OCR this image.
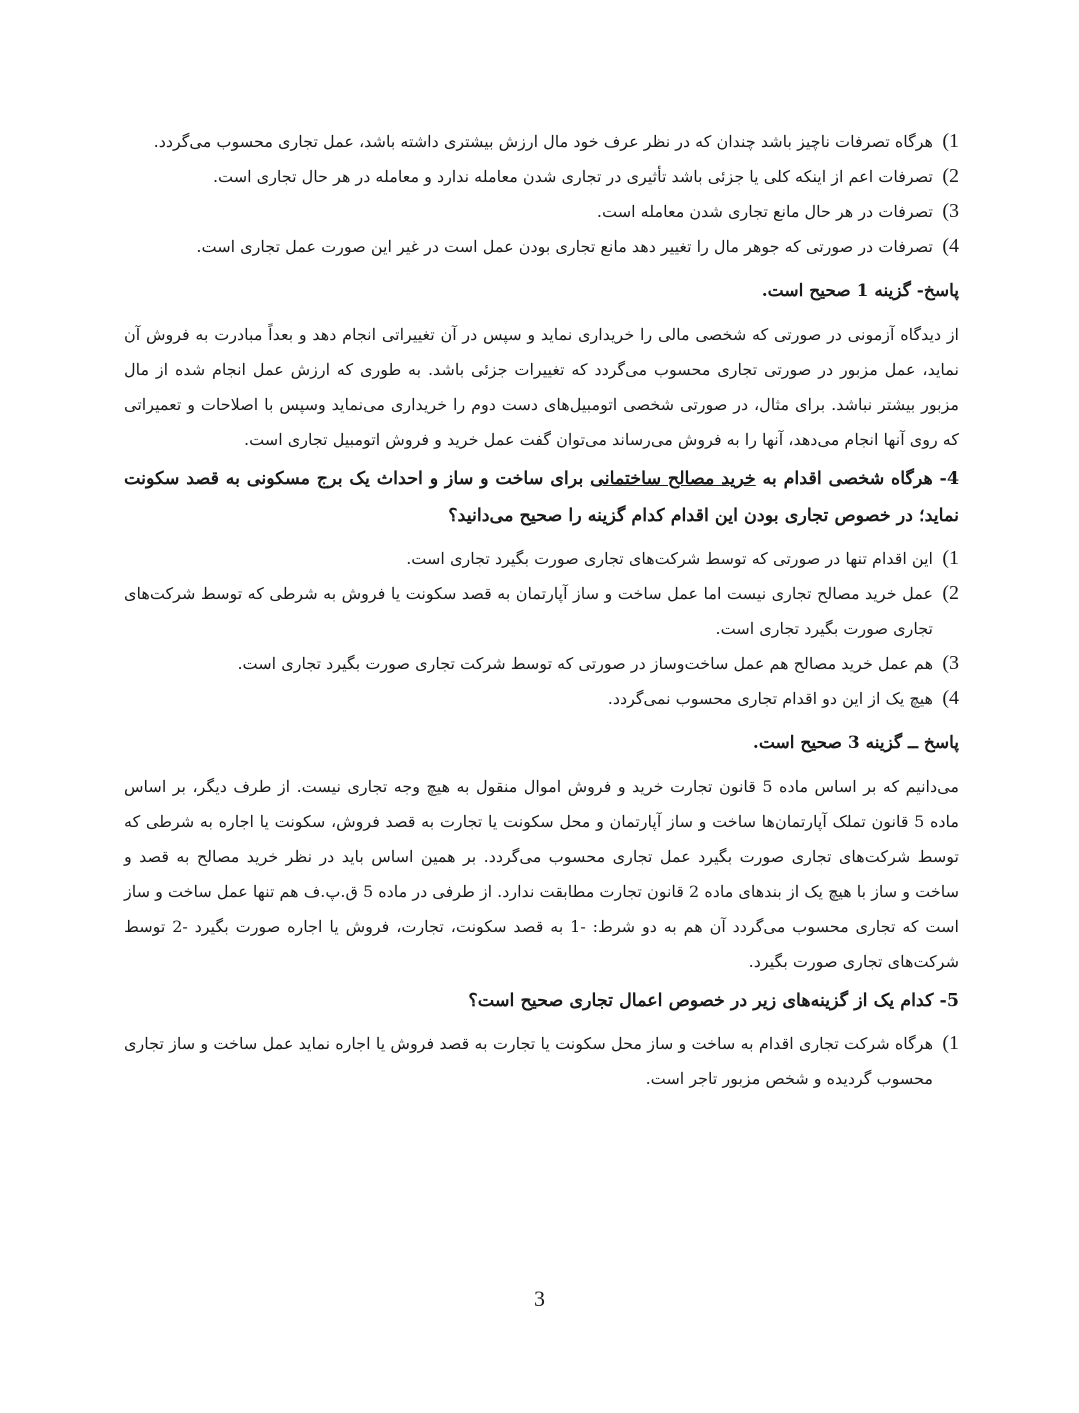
1)
هرگاه تصرفات ناچیز باشد چندان که در نظر عرف خود مال ارزش بیشتری داشته باشد، عمل تجاری محسوب می‌گردد.
2)
تصرفات اعم از اینکه کلی یا جزئی باشد تأثیری در تجاری شدن معامله ندارد و معامله در هر حال تجاری است.
3)
تصرفات در هر حال مانع تجاری شدن معامله است.
4)
تصرفات در صورتی که جوهر مال را تغییر دهد مانع تجاری بودن عمل است در غیر این صورت عمل تجاری است.
پاسخ- گزینه 1 صحیح است.

از دیدگاه آزمونی در صورتی که شخصی مالی را خریداری نماید و سپس در آن تغییراتی انجام دهد و بعداً مبادرت به فروش آن نماید، عمل مزبور در صورتی تجاری محسوب می‌گردد که تغییرات جزئی باشد. به طوری که ارزش عمل انجام شده از مال مزبور بیشتر نباشد. برای مثال، در صورتی شخصی اتومبیل‌های دست دوم را خریداری می‌نماید وسپس با اصلاحات و تعمیراتی که روی آنها انجام می‌دهد، آنها را به فروش می‌رساند می‌توان گفت عمل خرید و فروش اتومبیل تجاری است.

4- هرگاه شخصی اقدام به خرید مصالح ساختمانی برای ساخت و ساز و احداث یک برج مسکونی به قصد سکونت نماید؛ در خصوص تجاری بودن این اقدام کدام گزینه را صحیح می‌دانید؟
1)
این اقدام تنها در صورتی که توسط شرکت‌های تجاری صورت بگیرد تجاری است.
2)
عمل خرید مصالح تجاری نیست اما عمل ساخت و ساز آپارتمان به قصد سکونت یا فروش به شرطی که توسط شرکت‌های تجاری صورت بگیرد تجاری است.
3)
هم عمل خرید مصالح هم عمل ساخت‌وساز در صورتی که توسط شرکت تجاری صورت بگیرد تجاری است.
4)
هیچ یک از این دو اقدام تجاری محسوب نمی‌گردد.
پاسخ ــ گزینه 3 صحیح است.

می‌دانیم که بر اساس ماده 5 قانون تجارت خرید و فروش اموال منقول به هیچ وجه تجاری نیست. از طرف دیگر، بر اساس ماده 5 قانون تملک آپارتمان‌ها ساخت و ساز آپارتمان و محل سکونت یا تجارت به قصد فروش، سکونت یا اجاره به شرطی که توسط شرکت‌های تجاری صورت بگیرد عمل تجاری محسوب می‌گردد. بر همین اساس باید در نظر خرید مصالح به قصد و ساخت و ساز با هیچ یک از بندهای ماده 2 قانون تجارت مطابقت ندارد. از طرفی در ماده 5 ق.پ.ف هم تنها عمل ساخت و ساز است که تجاری محسوب می‌گردد آن هم به دو شرط: -1 به قصد سکونت، تجارت، فروش یا اجاره صورت بگیرد -2 توسط شرکت‌های تجاری صورت بگیرد.

5- کدام یک از گزینه‌های زیر در خصوص اعمال تجاری صحیح است؟
1)
هرگاه شرکت تجاری اقدام به ساخت و ساز محل سکونت یا تجارت به قصد فروش یا اجاره نماید عمل ساخت و ساز تجاری محسوب گردیده و شخص مزبور تاجر است.
3
